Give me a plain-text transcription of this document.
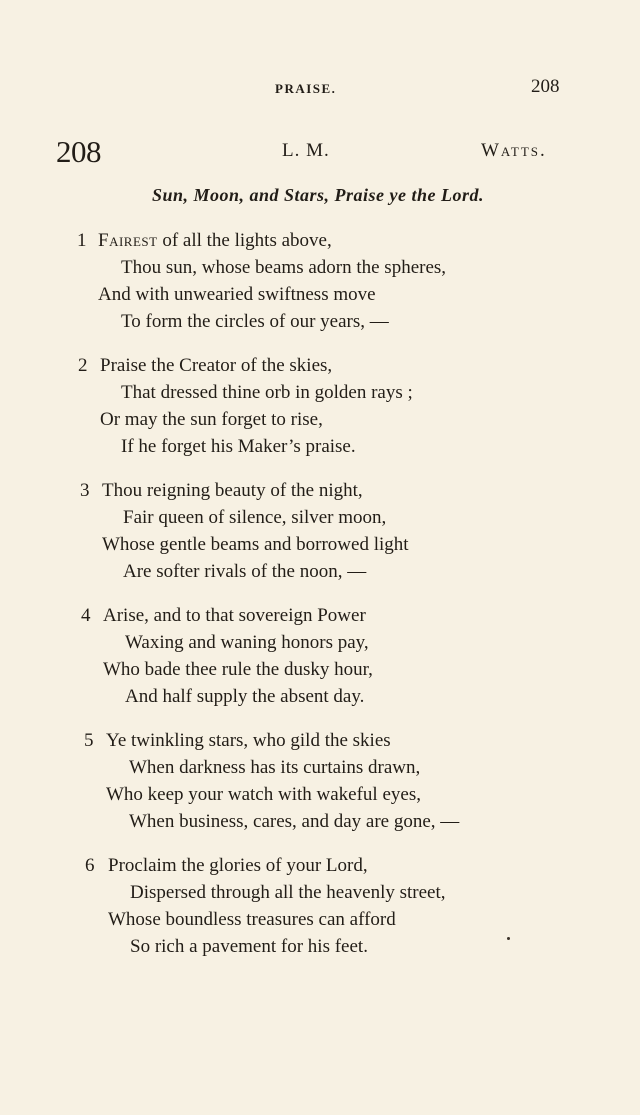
PRAISE.	208
208	L. M.	Watts.
Sun, Moon, and Stars, Praise ye the Lord.
1 Fairest of all the lights above,
Thou sun, whose beams adorn the spheres,
And with unwearied swiftness move
To form the circles of our years, —
2 Praise the Creator of the skies,
That dressed thine orb in golden rays ;
Or may the sun forget to rise,
If he forget his Maker’s praise.
3 Thou reigning beauty of the night,
Fair queen of silence, silver moon,
Whose gentle beams and borrowed light
Are softer rivals of the noon, —
4 Arise, and to that sovereign Power
Waxing and waning honors pay,
Who bade thee rule the dusky hour,
And half supply the absent day.
5 Ye twinkling stars, who gild the skies
When darkness has its curtains drawn,
Who keep your watch with wakeful eyes,
When business, cares, and day are gone, —
6 Proclaim the glories of your Lord,
Dispersed through all the heavenly street,
Whose boundless treasures can afford
So rich a pavement for his feet.
